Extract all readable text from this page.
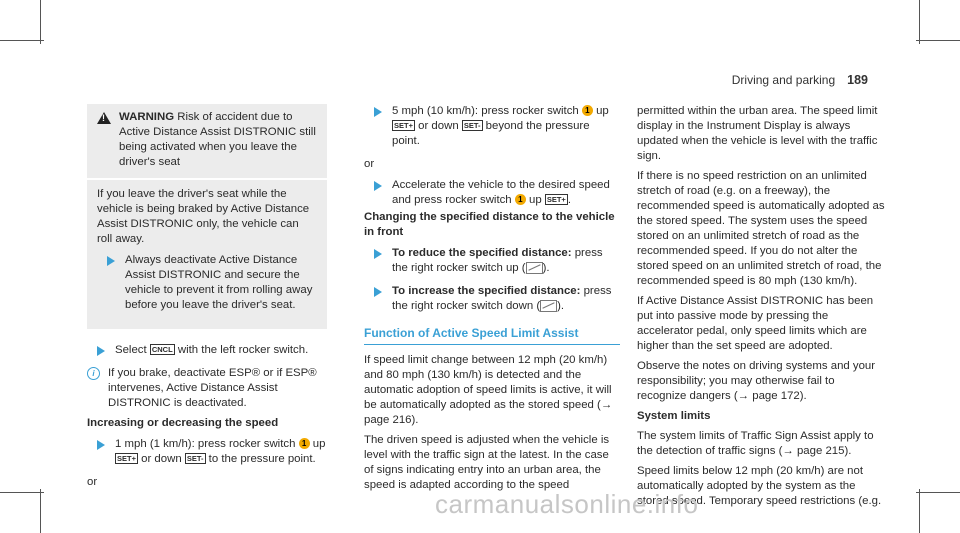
Driving and parking 189
!
WARNING Risk of accident due to Active Distance Assist DISTRONIC still being activated when you leave the driver's seat

If you leave the driver's seat while the vehicle is being braked by Active Distance Assist DISTRONIC only, the vehicle can roll away.

Always deactivate Active Distance Assist DISTRONIC and secure the vehicle to prevent it from rolling away before you leave the driver's seat.
Select CNCL with the left rocker switch.
i	If you brake, deactivate ESP® or if ESP® intervenes, Active Distance Assist DISTRONIC is deactivated.

Increasing or decreasing the speed

1 mph (1 km/h): press rocker switch 1 up SET+ or down SET- to the pressure point.

or

5 mph (10 km/h): press rocker switch 1 up SET+ or down SET- beyond the pressure point.

or

Accelerate the vehicle to the desired speed and press rocker switch 1 up SET+ .

Changing the specified distance to the vehicle in front

To reduce the specified distance: press the right rocker switch up ( ).
To increase the specified distance: press the right rocker switch down ( ).
Function of Active Speed Limit Assist

If speed limit change between 12 mph (20 km/h) and 80 mph (130 km/h) is detected and the automatic adoption of speed limits is active, it will be automatically adopted as the stored speed (→ page 216).

The driven speed is adjusted when the vehicle is level with the traffic sign at the latest. In the case of signs indicating entry into an urban area, the speed is adapted according to the speed

permitted within the urban area. The speed limit display in the Instrument Display is always updated when the vehicle is level with the traffic sign.

If there is no speed restriction on an unlimited stretch of road (e.g. on a freeway), the recommended speed is automatically adopted as the stored speed. The system uses the speed stored on an unlimited stretch of road as the recommended speed. If you do not alter the stored speed on an unlimited stretch of road, the recommended speed is 80 mph (130 km/h).

If Active Distance Assist DISTRONIC has been put into passive mode by pressing the accelerator pedal, only speed limits which are higher than the set speed are adopted.

Observe the notes on driving systems and your responsibility; you may otherwise fail to recognize dangers (→ page 172).

System limits

The system limits of Traffic Sign Assist apply to the detection of traffic signs (→ page 215).

Speed limits below 12 mph (20 km/h) are not automatically adopted by the system as the stored speed. Temporary speed restrictions (e.g.

carmanualsonline.info
